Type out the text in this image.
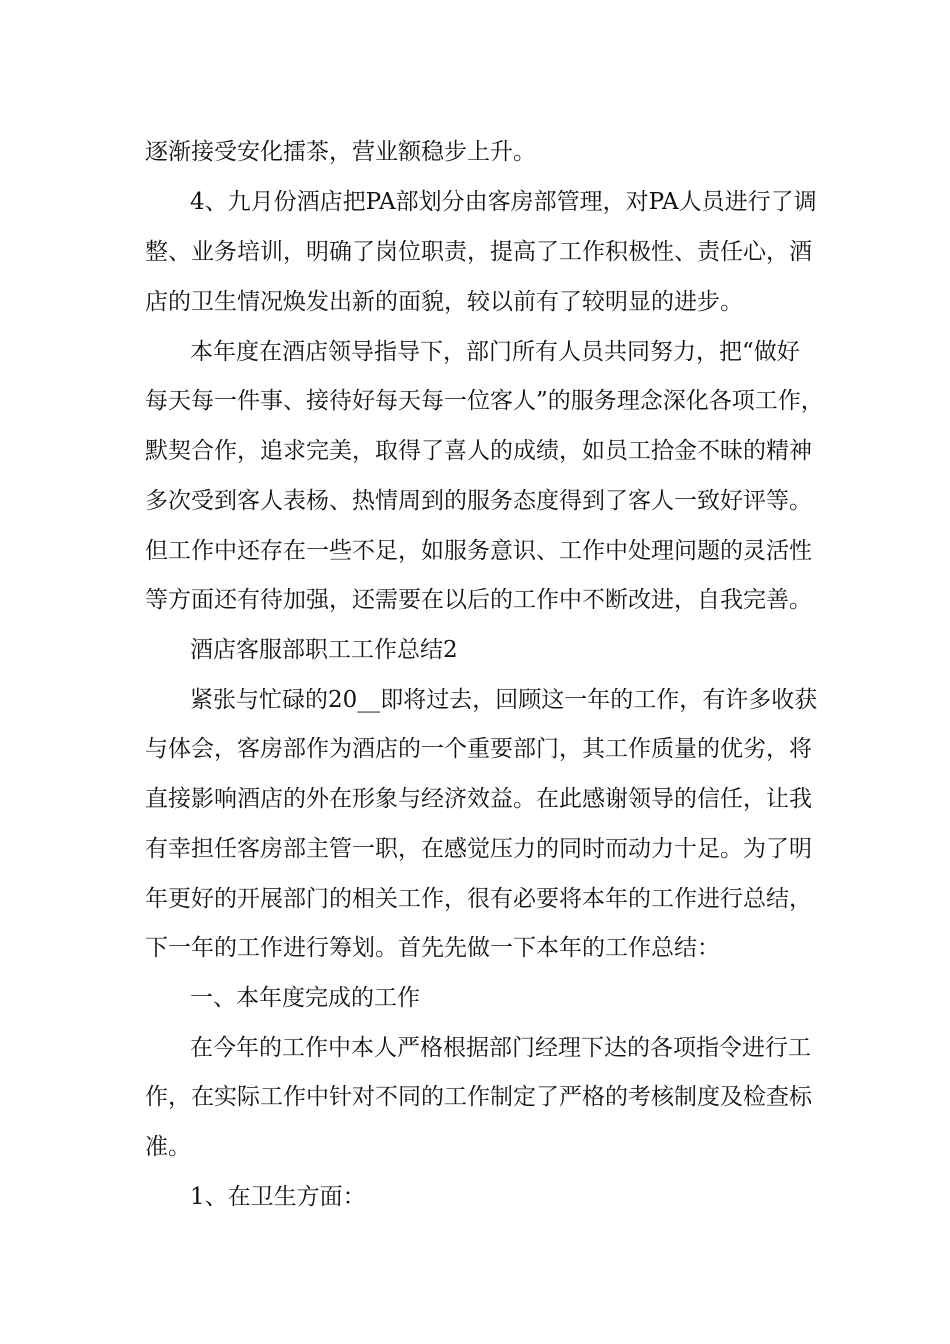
逐渐接受安化擂茶，营业额稳步上升。
4、九月份酒店把PA部划分由客房部管理，对PA人员进行了调
整、业务培训，明确了岗位职责，提高了工作积极性、责任心，酒
店的卫生情况焕发出新的面貌，较以前有了较明显的进步。
本年度在酒店领导指导下，部门所有人员共同努力，把“做好
每天每一件事、接待好每天每一位客人”的服务理念深化各项工作，
默契合作，追求完美，取得了喜人的成绩，如员工拾金不昧的精神
多次受到客人表杨、热情周到的服务态度得到了客人一致好评等。
但工作中还存在一些不足，如服务意识、工作中处理问题的灵活性
等方面还有待加强，还需要在以后的工作中不断改进，自我完善。
酒店客服部职工工作总结2
紧张与忙碌的20__即将过去，回顾这一年的工作，有许多收获
与体会，客房部作为酒店的一个重要部门，其工作质量的优劣，将
直接影响酒店的外在形象与经济效益。在此感谢领导的信任，让我
有幸担任客房部主管一职，在感觉压力的同时而动力十足。为了明
年更好的开展部门的相关工作，很有必要将本年的工作进行总结，
下一年的工作进行筹划。首先先做一下本年的工作总结：
一、本年度完成的工作
在今年的工作中本人严格根据部门经理下达的各项指令进行工
作，在实际工作中针对不同的工作制定了严格的考核制度及检查标
准。
1、在卫生方面：
